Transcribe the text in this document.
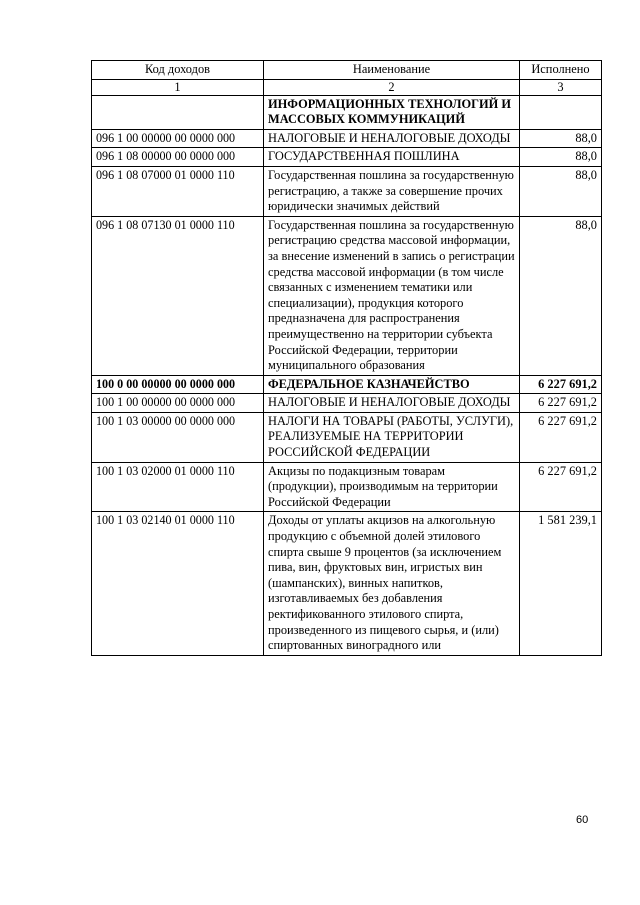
Код доходов	Наименование	Исполнено
1	2	3
	ИНФОРМАЦИОННЫХ ТЕХНОЛОГИЙ И МАССОВЫХ КОММУНИКАЦИЙ	
096 1 00 00000 00 0000 000	НАЛОГОВЫЕ И НЕНАЛОГОВЫЕ ДОХОДЫ	88,0
096 1 08 00000 00 0000 000	ГОСУДАРСТВЕННАЯ ПОШЛИНА	88,0
096 1 08 07000 01 0000 110	Государственная пошлина за государственную регистрацию, а также за совершение прочих юридически значимых действий	88,0
096 1 08 07130 01 0000 110	Государственная пошлина за государственную регистрацию средства массовой информации, за внесение изменений в запись о регистрации средства массовой информации (в том числе связанных с изменением тематики или специализации), продукция которого предназначена для распространения преимущественно на территории субъекта Российской Федерации, территории муниципального образования	88,0
100 0 00 00000 00 0000 000	ФЕДЕРАЛЬНОЕ КАЗНАЧЕЙСТВО	6 227 691,2
100 1 00 00000 00 0000 000	НАЛОГОВЫЕ И НЕНАЛОГОВЫЕ ДОХОДЫ	6 227 691,2
100 1 03 00000 00 0000 000	НАЛОГИ НА ТОВАРЫ (РАБОТЫ, УСЛУГИ), РЕАЛИЗУЕМЫЕ НА ТЕРРИТОРИИ РОССИЙСКОЙ ФЕДЕРАЦИИ	6 227 691,2
100 1 03 02000 01 0000 110	Акцизы по подакцизным товарам (продукции), производимым на территории Российской Федерации	6 227 691,2
100 1 03 02140 01 0000 110	Доходы от уплаты акцизов на алкогольную продукцию с объемной долей этилового спирта свыше 9 процентов (за исключением пива, вин, фруктовых вин, игристых вин (шампанских), винных напитков, изготавливаемых без добавления ректификованного этилового спирта, произведенного из пищевого сырья, и (или) спиртованных виноградного или	1 581 239,1
60
